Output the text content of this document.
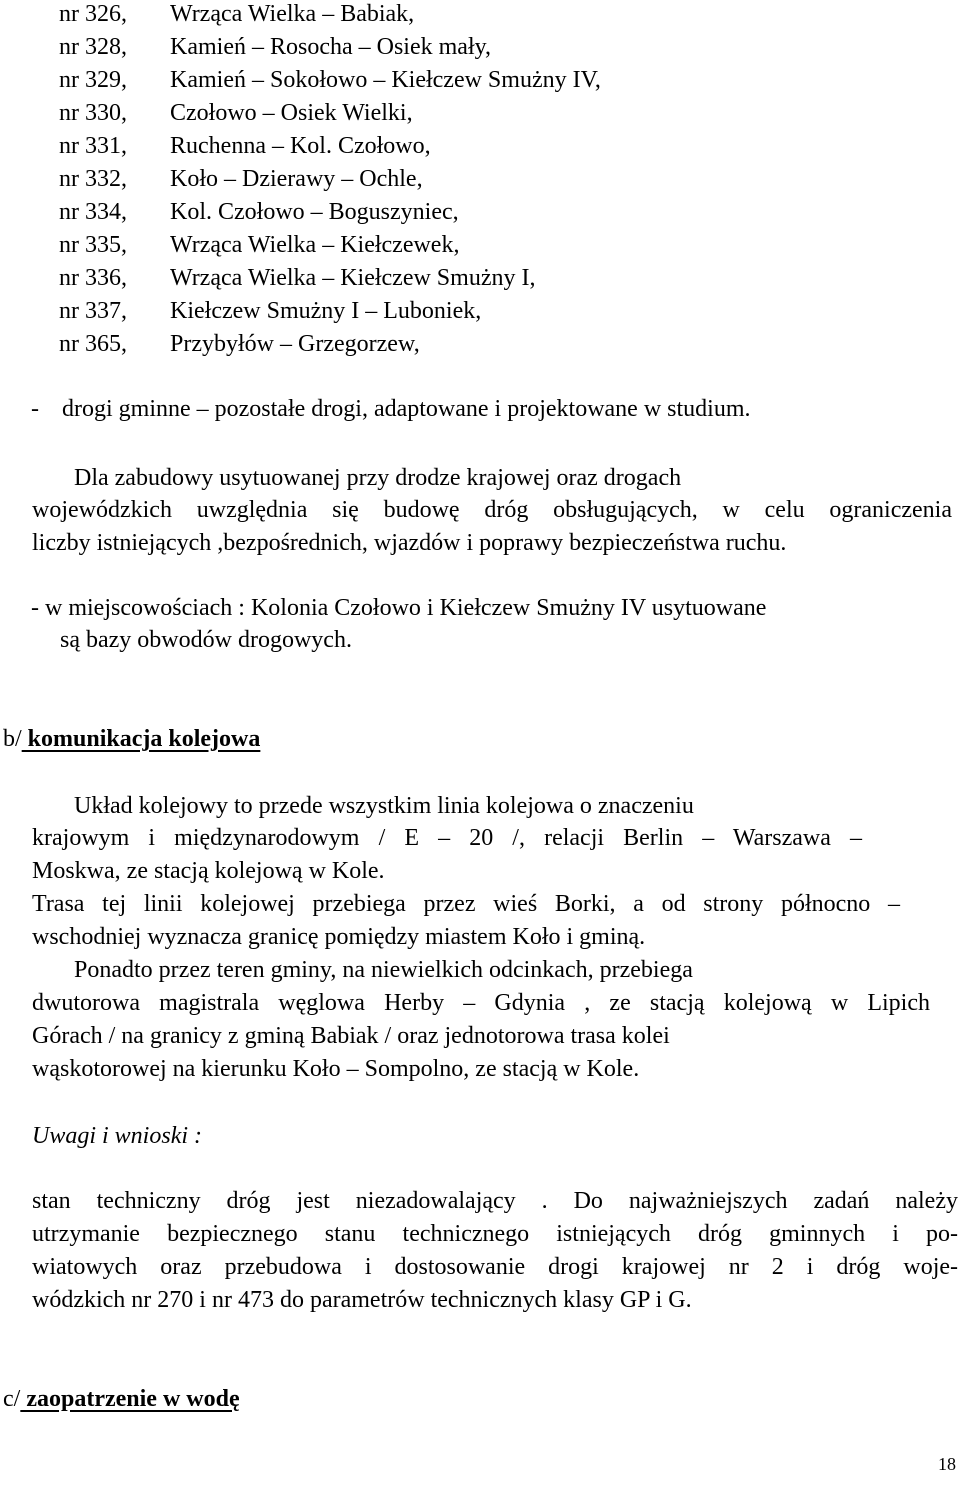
nr 326, Wrząca Wielka – Babiak,
nr 328, Kamień – Rosocha – Osiek mały,
nr 329, Kamień – Sokołowo – Kiełczew Smużny IV,
nr 330, Czołowo – Osiek Wielki,
nr 331, Ruchenna – Kol. Czołowo,
nr 332, Koło – Dzierawy – Ochle,
nr 334, Kol. Czołowo – Boguszyniec,
nr 335, Wrząca Wielka – Kiełczewek,
nr 336, Wrząca Wielka – Kiełczew Smużny I,
nr 337, Kiełczew Smużny I – Luboniek,
nr 365, Przybyłów – Grzegorzew,
- drogi gminne – pozostałe drogi, adaptowane i projektowane w studium.
Dla zabudowy usytuowanej przy drodze krajowej oraz drogach
wojewódzkich uwzględnia się budowę dróg obsługujących, w celu ograniczenia
liczby istniejących ,bezpośrednich, wjazdów i poprawy bezpieczeństwa ruchu.
- w miejscowościach : Kolonia Czołowo i Kiełczew Smużny IV usytuowane
są bazy obwodów drogowych.
b/ komunikacja kolejowa
Układ kolejowy to przede wszystkim linia kolejowa o znaczeniu
krajowym i międzynarodowym / E – 20 /, relacji Berlin – Warszawa –
Moskwa, ze stacją kolejową w Kole.
Trasa tej linii kolejowej przebiega przez wieś Borki, a od strony północno –
wschodniej wyznacza granicę pomiędzy miastem Koło i gminą.
Ponadto przez teren gminy, na niewielkich odcinkach, przebiega
dwutorowa magistrala węglowa Herby – Gdynia , ze stacją kolejową w Lipich
Górach / na granicy z gminą Babiak / oraz jednotorowa trasa kolei
wąskotorowej na kierunku Koło – Sompolno, ze stacją w Kole.
Uwagi i wnioski :
stan techniczny dróg jest niezadowalający . Do najważniejszych zadań należy
utrzymanie bezpiecznego stanu technicznego istniejących dróg gminnych i po-
wiatowych oraz przebudowa i dostosowanie drogi krajowej nr 2 i dróg woje-
wódzkich nr 270 i nr 473 do parametrów technicznych klasy GP i G.
c/ zaopatrzenie w wodę
18
